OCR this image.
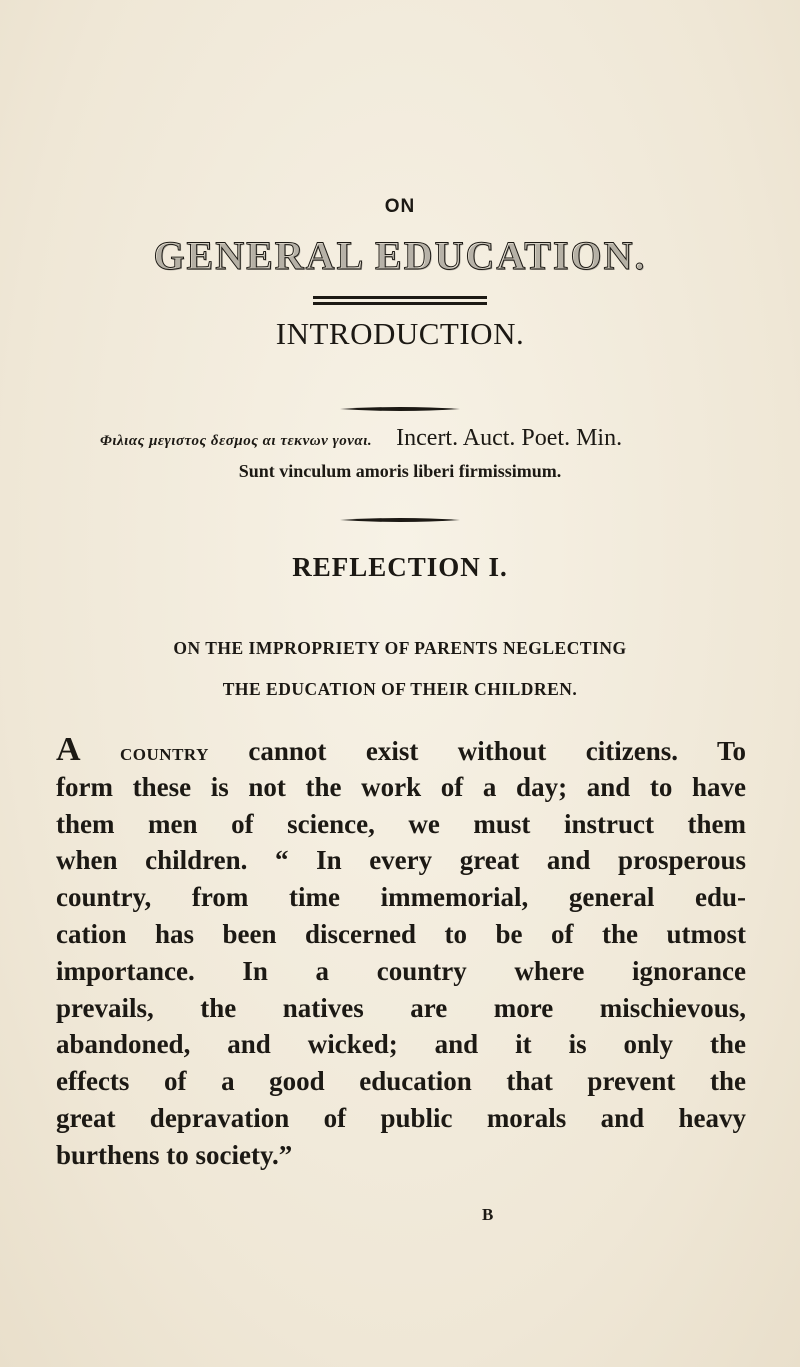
ON
GENERAL EDUCATION.
INTRODUCTION.
Φιλιας μεγιστος δεσμος αι τεκνων γοναι. Incert. Auct. Poet. Min.
Sunt vinculum amoris liberi firmissimum.
REFLECTION I.
ON THE IMPROPRIETY OF PARENTS NEGLECTING
THE EDUCATION OF THEIR CHILDREN.
A country cannot exist without citizens. To
form these is not the work of a day; and to have
them men of science, we must instruct them
when children. “ In every great and prosperous
country, from time immemorial, general edu-
cation has been discerned to be of the utmost
importance. In a country where ignorance
prevails, the natives are more mischievous,
abandoned, and wicked; and it is only the
effects of a good education that prevent the
great depravation of public morals and heavy
burthens to society.”
B
